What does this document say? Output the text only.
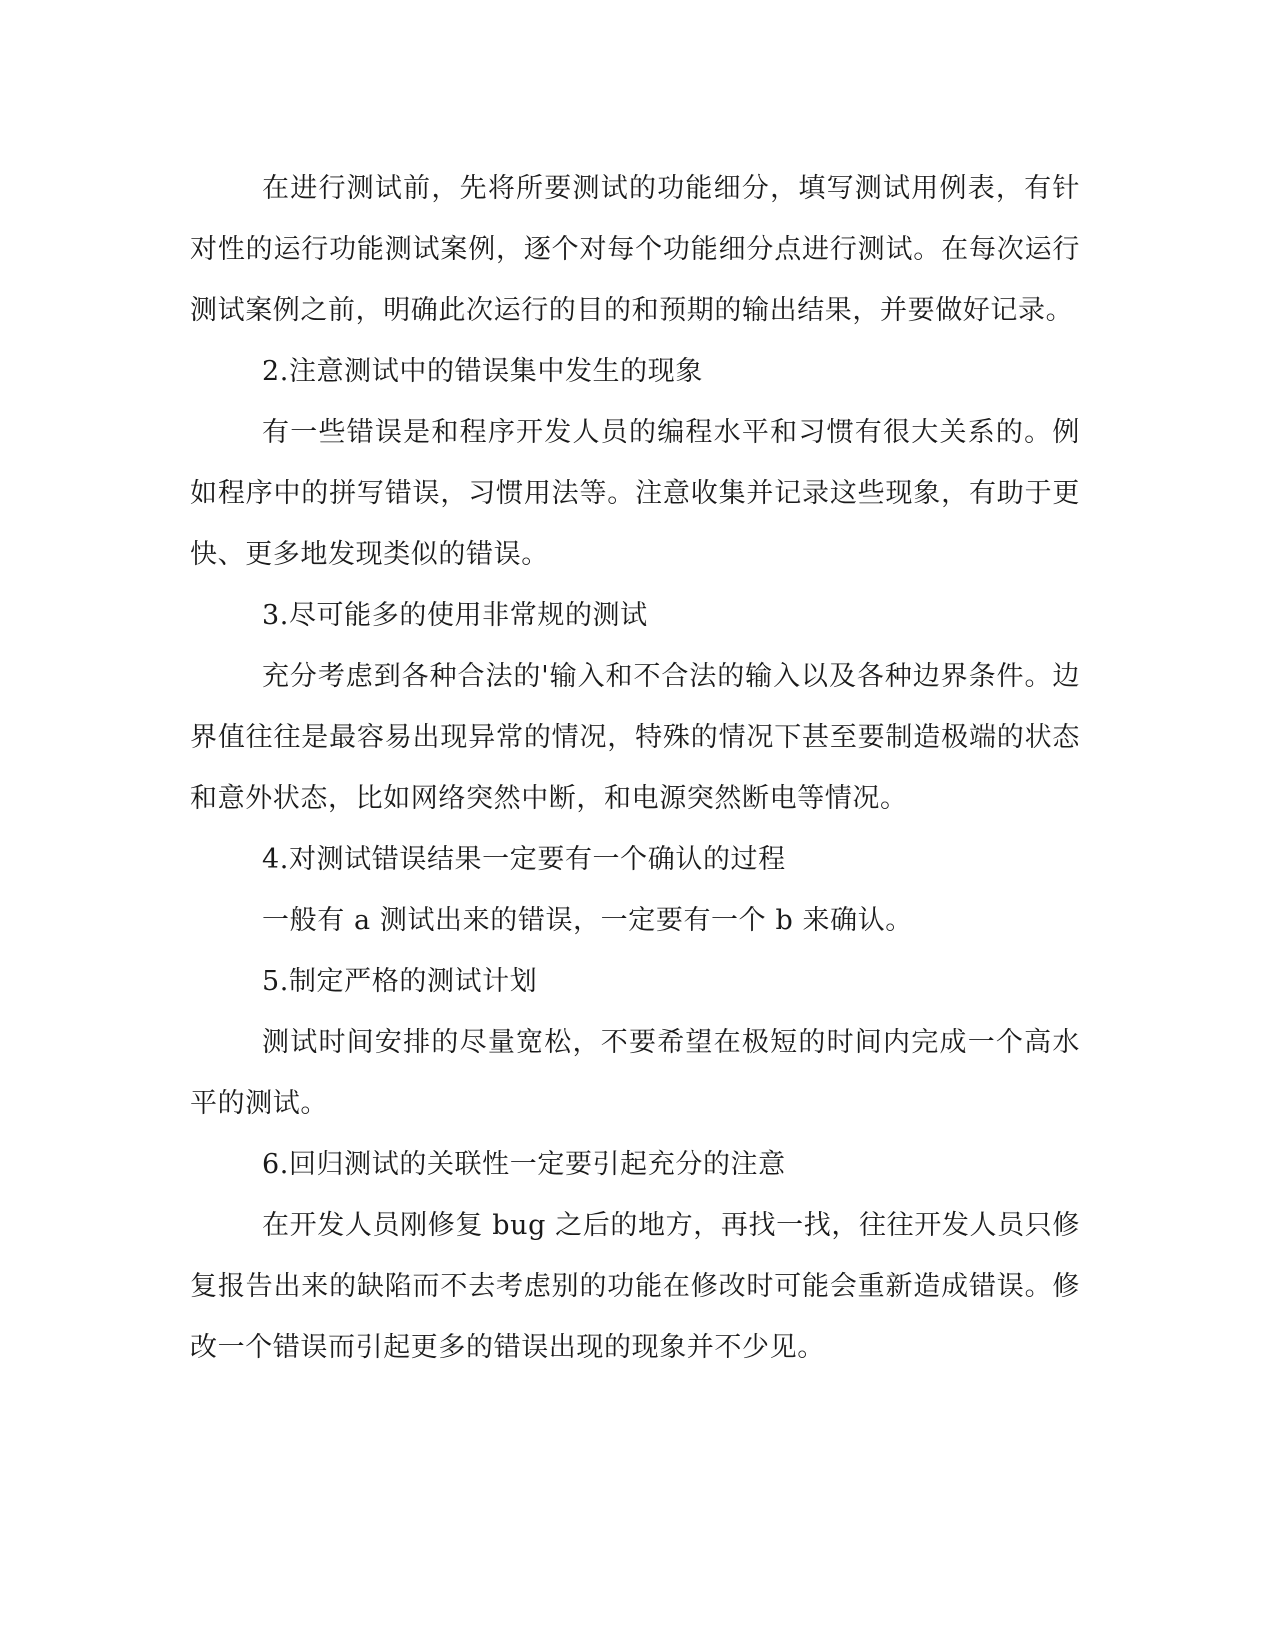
在进行测试前，先将所要测试的功能细分，填写测试用例表，有针对性的运行功能测试案例，逐个对每个功能细分点进行测试。在每次运行测试案例之前，明确此次运行的目的和预期的输出结果，并要做好记录。

2.注意测试中的错误集中发生的现象

有一些错误是和程序开发人员的编程水平和习惯有很大关系的。例如程序中的拼写错误，习惯用法等。注意收集并记录这些现象，有助于更快、更多地发现类似的错误。

3.尽可能多的使用非常规的测试

充分考虑到各种合法的'输入和不合法的输入以及各种边界条件。边界值往往是最容易出现异常的情况，特殊的情况下甚至要制造极端的状态和意外状态，比如网络突然中断，和电源突然断电等情况。

4.对测试错误结果一定要有一个确认的过程

一般有 a 测试出来的错误，一定要有一个 b 来确认。

5.制定严格的测试计划

测试时间安排的尽量宽松，不要希望在极短的时间内完成一个高水平的测试。

6.回归测试的关联性一定要引起充分的注意

在开发人员刚修复 bug 之后的地方，再找一找，往往开发人员只修复报告出来的缺陷而不去考虑别的功能在修改时可能会重新造成错误。修改一个错误而引起更多的错误出现的现象并不少见。
